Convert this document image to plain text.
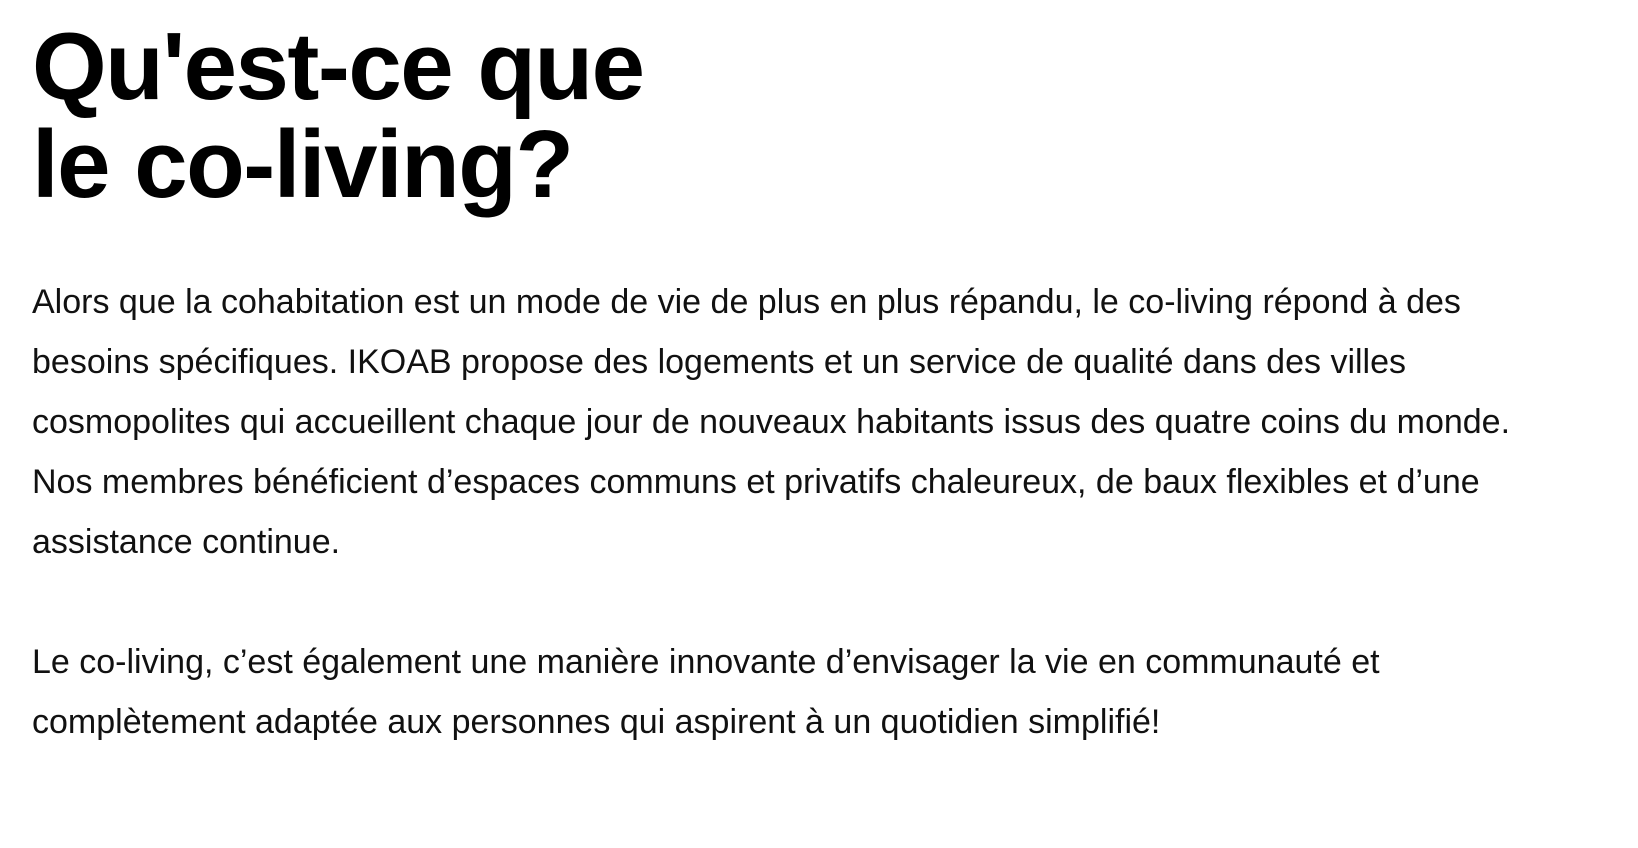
Qu'est-ce que
le co-living?

Alors que la cohabitation est un mode de vie de plus en plus répandu, le co-living répond à des besoins spécifiques. IKOAB propose des logements et un service de qualité dans des villes cosmopolites qui accueillent chaque jour de nouveaux habitants issus des quatre coins du monde. Nos membres bénéficient d’espaces communs et privatifs chaleureux, de baux flexibles et d’une assistance continue.

Le co-living, c’est également une manière innovante d’envisager la vie en communauté et complètement adaptée aux personnes qui aspirent à un quotidien simplifié!
